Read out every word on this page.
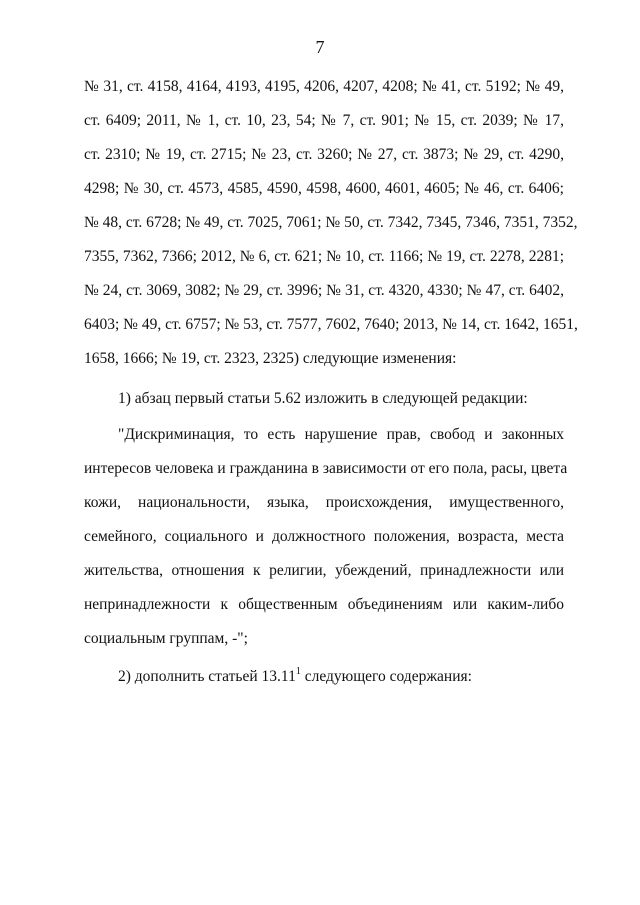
7
№ 31, ст. 4158, 4164, 4193, 4195, 4206, 4207, 4208; № 41, ст. 5192; № 49,
ст. 6409; 2011, № 1, ст. 10, 23, 54; № 7, ст. 901; № 15, ст. 2039; № 17,
ст. 2310; № 19, ст. 2715; № 23, ст. 3260; № 27, ст. 3873; № 29, ст. 4290,
4298; № 30, ст. 4573, 4585, 4590, 4598, 4600, 4601, 4605; № 46, ст. 6406;
№ 48, ст. 6728; № 49, ст. 7025, 7061; № 50, ст. 7342, 7345, 7346, 7351, 7352,
7355, 7362, 7366; 2012, № 6, ст. 621; № 10, ст. 1166; № 19, ст. 2278, 2281;
№ 24, ст. 3069, 3082; № 29, ст. 3996; № 31, ст. 4320, 4330; № 47, ст. 6402,
6403; № 49, ст. 6757; № 53, ст. 7577, 7602, 7640; 2013, № 14, ст. 1642, 1651,
1658, 1666; № 19, ст. 2323, 2325) следующие изменения:
1) абзац первый статьи 5.62 изложить в следующей редакции:
"Дискриминация, то есть нарушение прав, свобод и законных
интересов человека и гражданина в зависимости от его пола, расы, цвета
кожи, национальности, языка, происхождения, имущественного,
семейного, социального и должностного положения, возраста, места
жительства, отношения к религии, убеждений, принадлежности или
непринадлежности к общественным объединениям или каким-либо
социальным группам, -";
2) дополнить статьей 13.11$^1$ следующего содержания:
